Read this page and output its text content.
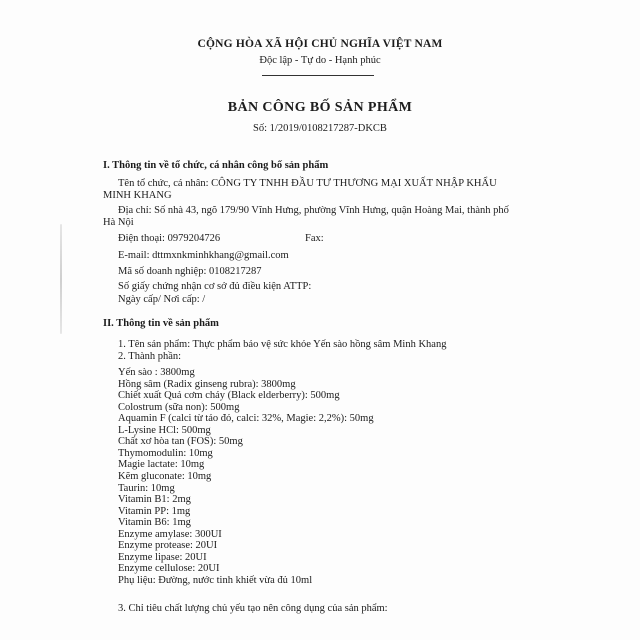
CỘNG HÒA XÃ HỘI CHỦ NGHĨA VIỆT NAM
Độc lập - Tự do - Hạnh phúc
BẢN CÔNG BỐ SẢN PHẨM
Số: 1/2019/0108217287-DKCB
I. Thông tin về tổ chức, cá nhân công bố sản phẩm
Tên tổ chức, cá nhân: CÔNG TY TNHH ĐẦU TƯ THƯƠNG MẠI XUẤT NHẬP KHẨU
MINH KHANG
Địa chỉ: Số nhà 43, ngõ 179/90 Vĩnh Hưng, phường Vĩnh Hưng, quận Hoàng Mai, thành phố
Hà Nội
Điện thoại: 0979204726	Fax:
E-mail: dttmxnkminhkhang@gmail.com
Mã số doanh nghiệp: 0108217287
Số giấy chứng nhận cơ sở đủ điều kiện ATTP:
Ngày cấp/ Nơi cấp: /
II. Thông tin về sản phẩm
1. Tên sản phẩm: Thực phẩm bảo vệ sức khỏe Yến sào hồng sâm Minh Khang
2. Thành phần:
Yến sào : 3800mg
Hồng sâm (Radix ginseng rubra): 3800mg
Chiết xuất Quả cơm cháy (Black elderberry): 500mg
Colostrum (sữa non): 500mg
Aquamin F (calci từ tảo đỏ, calci: 32%, Magie: 2,2%): 50mg
L-Lysine HCl: 500mg
Chất xơ hòa tan (FOS): 50mg
Thymomodulin: 10mg
Magie lactate: 10mg
Kẽm gluconate: 10mg
Taurin: 10mg
Vitamin B1: 2mg
Vitamin PP: 1mg
Vitamin B6: 1mg
Enzyme amylase: 300UI
Enzyme protease: 20UI
Enzyme lipase: 20UI
Enzyme cellulose: 20UI
Phụ liệu: Đường, nước tinh khiết vừa đủ 10ml
3. Chỉ tiêu chất lượng chủ yếu tạo nên công dụng của sản phẩm:
